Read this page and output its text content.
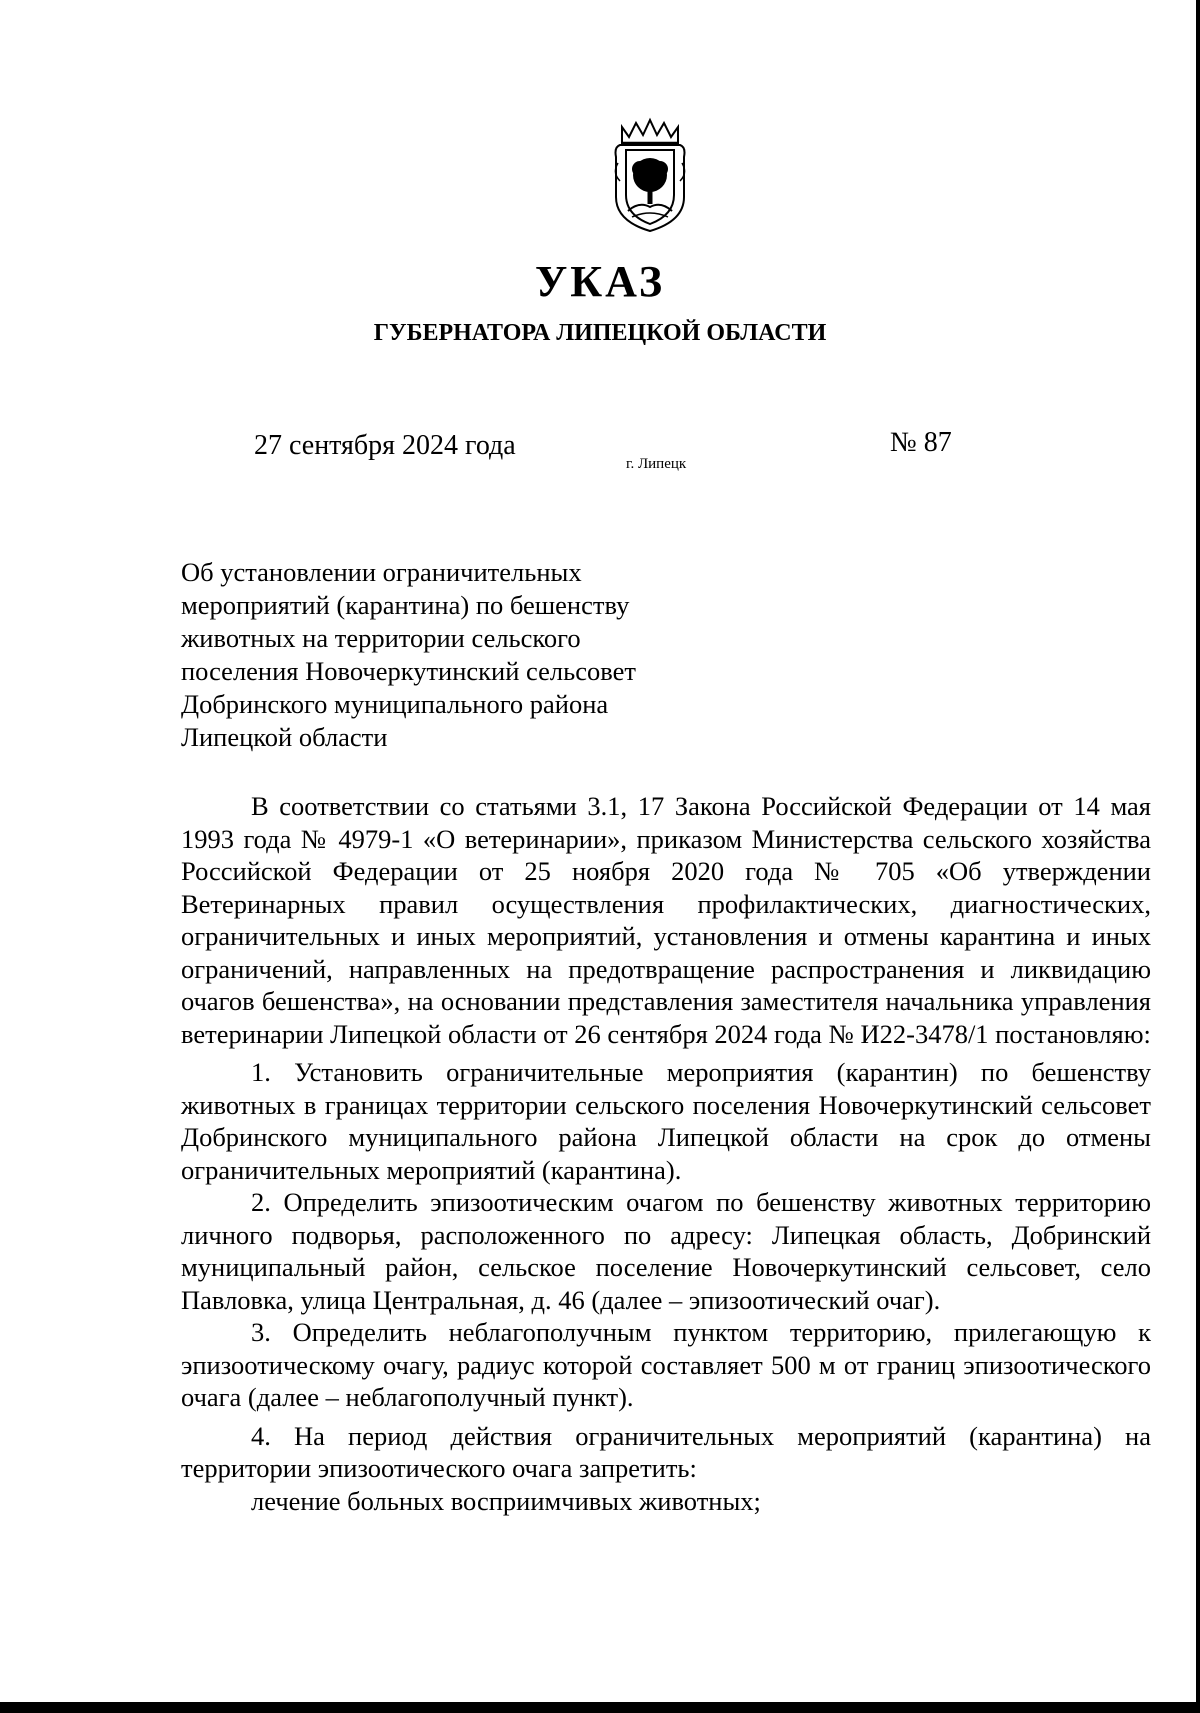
УКАЗ
ГУБЕРНАТОРА ЛИПЕЦКОЙ ОБЛАСТИ
27 сентября 2024 года	№ 87
г. Липецк
Об установлении ограничительных
мероприятий (карантина) по бешенству
животных на территории сельского
поселения Новочеркутинский сельсовет
Добринского муниципального района
Липецкой области

В соответствии со статьями 3.1, 17 Закона Российской Федерации от 14 мая 1993 года № 4979-1 «О ветеринарии», приказом Министерства сельского хозяйства Российской Федерации от 25 ноября 2020 года № 705 «Об утверждении Ветеринарных правил осуществления профилактических, диагностических, ограничительных и иных мероприятий, установления и отмены карантина и иных ограничений, направленных на предотвращение распространения и ликвидацию очагов бешенства», на основании представления заместителя начальника управления ветеринарии Липецкой области от 26 сентября 2024 года № И22-3478/1 постановляю:

1. Установить ограничительные мероприятия (карантин) по бешенству животных в границах территории сельского поселения Новочеркутинский сельсовет Добринского муниципального района Липецкой области на срок до отмены ограничительных мероприятий (карантина).

2. Определить эпизоотическим очагом по бешенству животных территорию личного подворья, расположенного по адресу: Липецкая область, Добринский муниципальный район, сельское поселение Новочеркутинский сельсовет, село Павловка, улица Центральная, д. 46 (далее – эпизоотический очаг).

3. Определить неблагополучным пунктом территорию, прилегающую к эпизоотическому очагу, радиус которой составляет 500 м от границ эпизоотического очага (далее – неблагополучный пункт).

4. На период действия ограничительных мероприятий (карантина) на территории эпизоотического очага запретить:

лечение больных восприимчивых животных;
